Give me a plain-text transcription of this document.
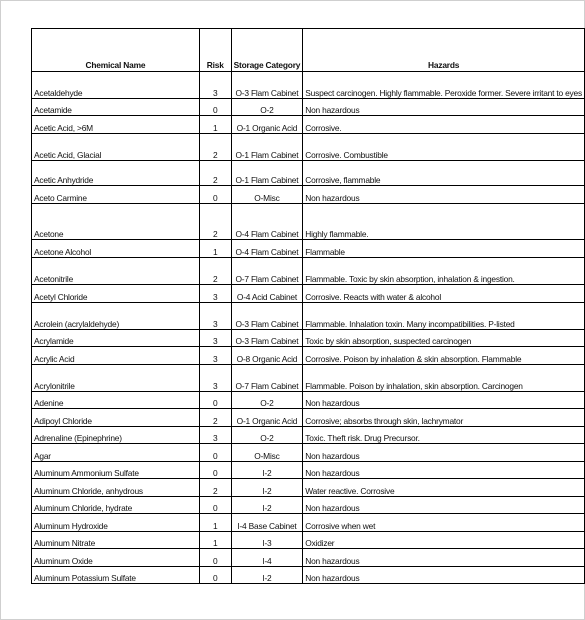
Chemical Name	Risk	Storage Category	Hazards
Acetaldehyde	3	O-3 Flam Cabinet	Suspect carcinogen. Highly flammable. Peroxide former. Severe irritant to eyes
Acetamide	0	O-2	Non hazardous
Acetic Acid, >6M	1	O-1 Organic Acid	Corrosive.
Acetic Acid, Glacial	2	O-1 Flam Cabinet	Corrosive. Combustible
Acetic Anhydride	2	O-1 Flam Cabinet	Corrosive, flammable
Aceto Carmine	0	O-Misc	Non hazardous
Acetone	2	O-4 Flam Cabinet	Highly flammable.
Acetone Alcohol	1	O-4 Flam Cabinet	Flammable
Acetonitrile	2	O-7 Flam Cabinet	Flammable. Toxic by skin absorption, inhalation & ingestion.
Acetyl Chloride	3	O-4 Acid Cabinet	Corrosive. Reacts with water & alcohol
Acrolein (acrylaldehyde)	3	O-3 Flam Cabinet	Flammable. Inhalation toxin. Many incompatibilities. P-listed
Acrylamide	3	O-3 Flam Cabinet	Toxic by skin absorption, suspected carcinogen
Acrylic Acid	3	O-8 Organic Acid	Corrosive. Poison by inhalation & skin absorption. Flammable
Acrylonitrile	3	O-7 Flam Cabinet	Flammable. Poison by inhalation, skin absorption. Carcinogen
Adenine	0	O-2	Non hazardous
Adipoyl Chloride	2	O-1 Organic Acid	Corrosive; absorbs through skin, lachrymator
Adrenaline (Epinephrine)	3	O-2	Toxic. Theft risk. Drug Precursor.
Agar	0	O-Misc	Non hazardous
Aluminum Ammonium Sulfate	0	I-2	Non hazardous
Aluminum Chloride, anhydrous	2	I-2	Water reactive. Corrosive
Aluminum Chloride, hydrate	0	I-2	Non hazardous
Aluminum Hydroxide	1	I-4 Base Cabinet	Corrosive when wet
Aluminum Nitrate	1	I-3	Oxidizer
Aluminum Oxide	0	I-4	Non hazardous
Aluminum Potassium Sulfate	0	I-2	Non hazardous
